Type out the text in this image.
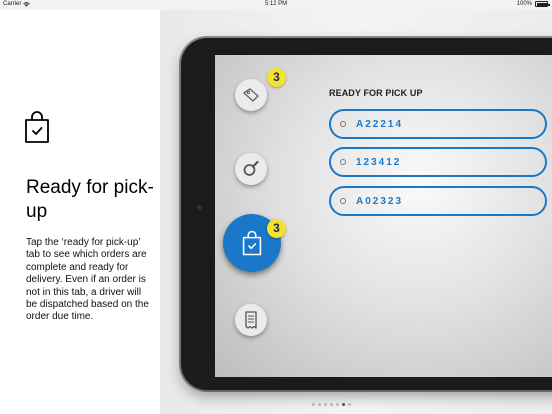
Carrier	5:12 PM	100%
Ready for pick-up

Tap the ‘ready for pick-up’ tab to see which orders are complete and ready for delivery. Even if an order is not in this tab, a driver will be dispatched based on the order due time.

3
3
READY FOR PICK UP
A22214
123412
A02323
